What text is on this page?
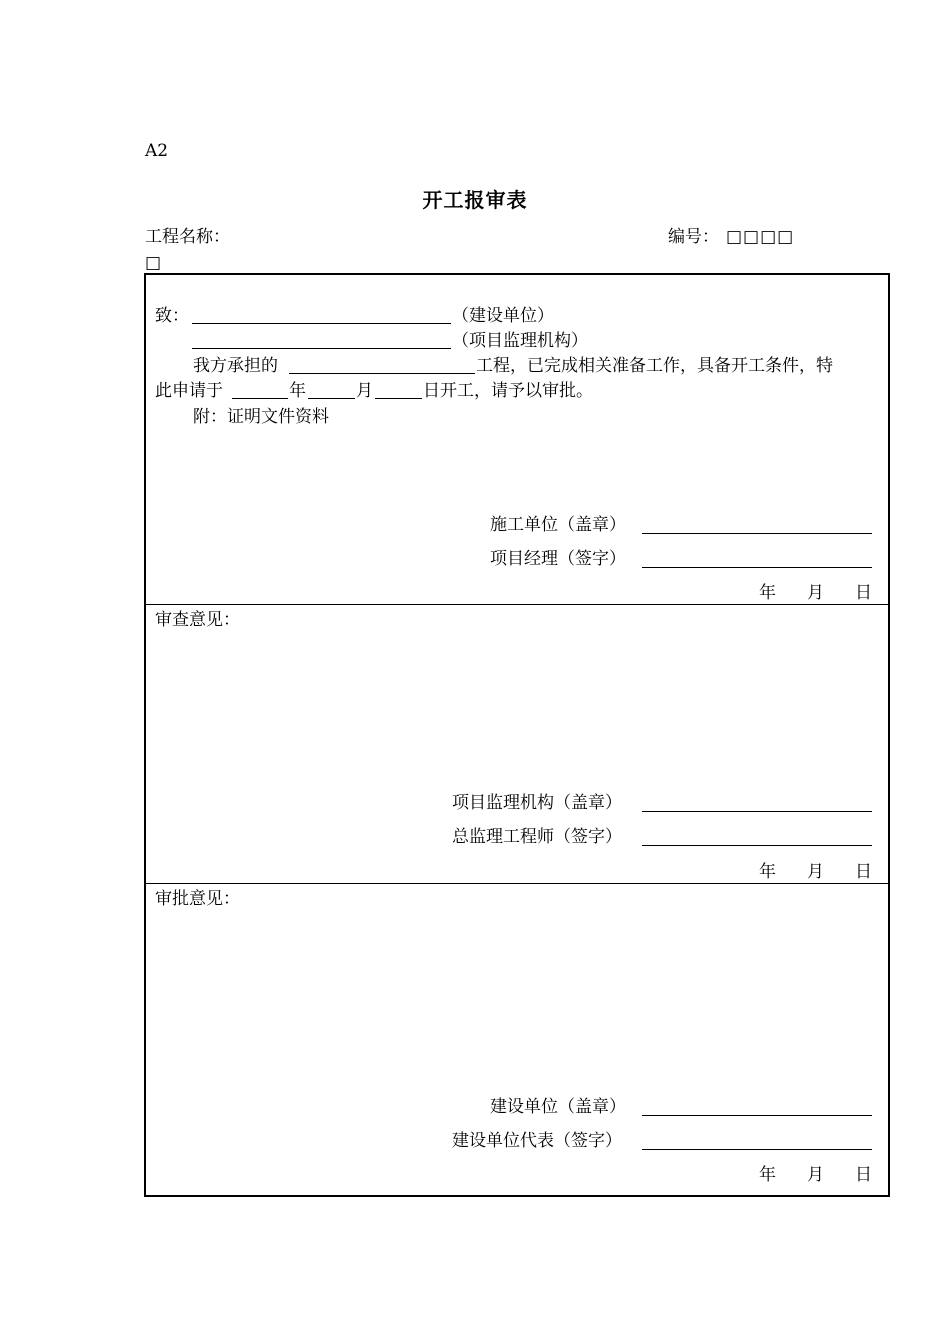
A2
开工报审表
工程名称：	编号： □□□□
□
致：	（建设单位）
（项目监理机构）
我方承担的	工程，已完成相关准备工作，具备开工条件，特
此申请于	年	月	日开工，请予以审批。
附：证明文件资料
施工单位（盖章）
项目经理（签字）
年 月 日
审查意见：
项目监理机构（盖章）
总监理工程师（签字）
年 月 日
审批意见：
建设单位（盖章）
建设单位代表（签字）
年 月 日
